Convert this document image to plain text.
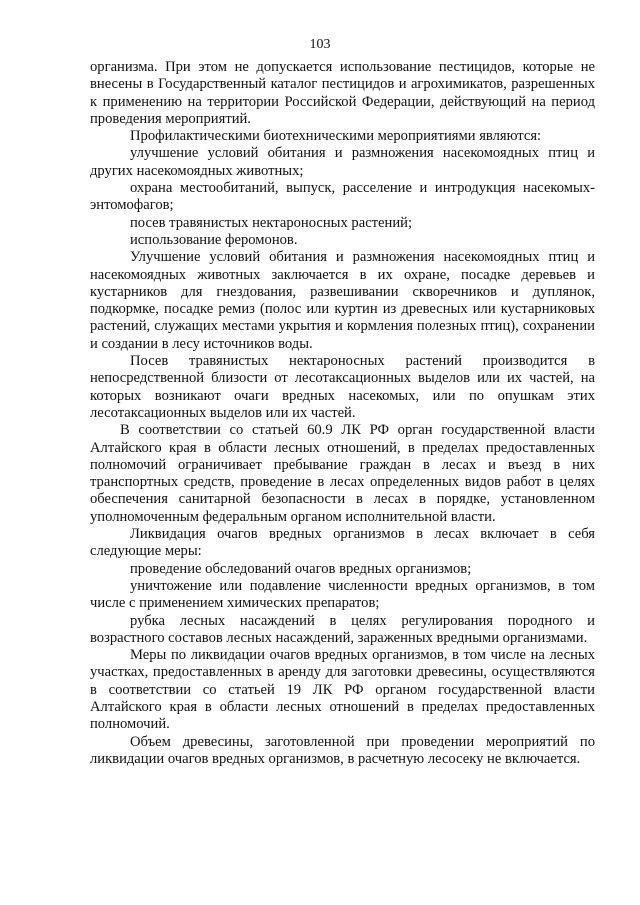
103

организма. При этом не допускается использование пестицидов, которые не внесены в Государственный каталог пестицидов и агрохимикатов, разрешенных к применению на территории Российской Федерации, действующий на период проведения мероприятий.

Профилактическими биотехническими мероприятиями являются:

улучшение условий обитания и размножения насекомоядных птиц и других насекомоядных животных;

охрана местообитаний, выпуск, расселение и интродукция насекомых-энтомофагов;

посев травянистых нектароносных растений;

использование феромонов.

Улучшение условий обитания и размножения насекомоядных птиц и насекомоядных животных заключается в их охране, посадке деревьев и кустарников для гнездования, развешивании скворечников и дуплянок, подкормке, посадке ремиз (полос или куртин из древесных или кустарниковых растений, служащих местами укрытия и кормления полезных птиц), сохранении и создании в лесу источников воды.

Посев травянистых нектароносных растений производится в непосредственной близости от лесотаксационных выделов или их частей, на которых возникают очаги вредных насекомых, или по опушкам этих лесотаксационных выделов или их частей.

В соответствии со статьей 60.9 ЛК РФ орган государственной власти Алтайского края в области лесных отношений, в пределах предоставленных полномочий ограничивает пребывание граждан в лесах и въезд в них транспортных средств, проведение в лесах определенных видов работ в целях обеспечения санитарной безопасности в лесах в порядке, установленном уполномоченным федеральным органом исполнительной власти.

Ликвидация очагов вредных организмов в лесах включает в себя следующие меры:

проведение обследований очагов вредных организмов;

уничтожение или подавление численности вредных организмов, в том числе с применением химических препаратов;

рубка лесных насаждений в целях регулирования породного и возрастного составов лесных насаждений, зараженных вредными организмами.

Меры по ликвидации очагов вредных организмов, в том числе на лесных участках, предоставленных в аренду для заготовки древесины, осуществляются в соответствии со статьей 19 ЛК РФ органом государственной власти Алтайского края в области лесных отношений в пределах предоставленных полномочий.

Объем древесины, заготовленной при проведении мероприятий по ликвидации очагов вредных организмов, в расчетную лесосеку не включается.
